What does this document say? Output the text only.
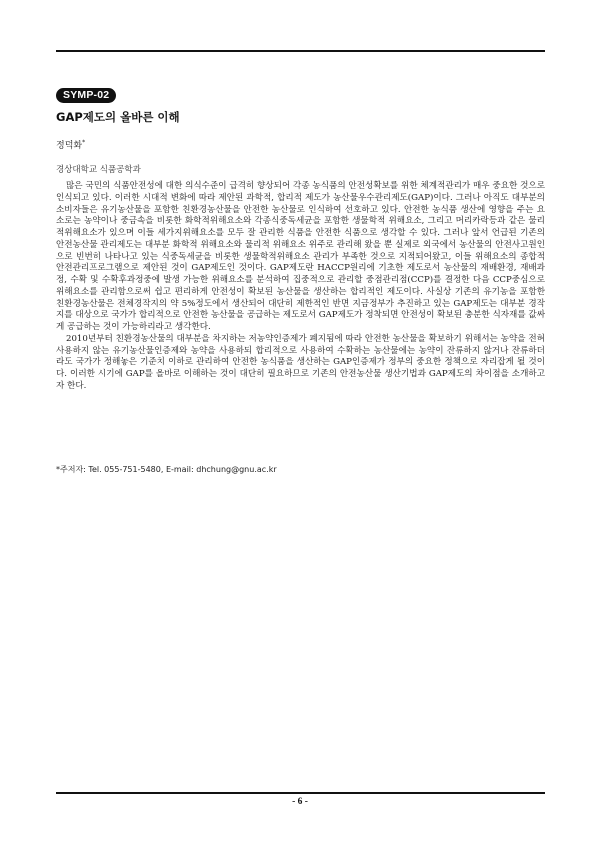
SYMP-02
GAP제도의 올바른 이해
정덕화*
경상대학교 식품공학과

많은 국민의 식품안전성에 대한 의식수준이 급격히 향상되어 각종 농식품의 안전성확보를 위한 체계적관리가 매우 중요한 것으로 인식되고 있다. 이러한 시대적 변화에 따라 제안된 과학적, 합리적 제도가 농산물우수관리제도(GAP)이다. 그러나 아직도 대부분의 소비자들은 유기농산물을 포함한 친환경농산물을 안전한 농산물로 인식하여 선호하고 있다. 안전한 농식품 생산에 영향을 주는 요소로는 농약이나 중금속을 비롯한 화학적위해요소와 각종식중독세균을 포함한 생물학적 위해요소, 그리고 머리카락등과 같은 물리적위해요소가 있으며 이들 세가지위해요소를 모두 잘 관리한 식품을 안전한 식품으로 생각할 수 있다. 그러나 앞서 언급된 기존의 안전농산물 관리제도는 대부분 화학적 위해요소와 물리적 위해요소 위주로 관리해 왔을 뿐 실제로 외국에서 농산물의 안전사고원인으로 빈번히 나타나고 있는 식중독세균을 비롯한 생물학적위해요소 관리가 부족한 것으로 지적되어왔고, 이들 위해요소의 종합적 안전관리프로그램으로 제안된 것이 GAP제도인 것이다. GAP제도란 HACCP원리에 기초한 제도로서 농산물의 재배환경, 재배과정, 수확 및 수확후과정중에 발생 가능한 위해요소를 분석하여 집중적으로 관리할 중점관리점(CCP)를 결정한 다음 CCP중심으로 위해요소를 관리함으로써 쉽고 편리하게 안전성이 확보된 농산물을 생산하는 합리적인 제도이다. 사실상 기존의 유기농을 포함한 친환경농산물은 전체경작지의 약 5%정도에서 생산되어 대단히 제한적인 반면 지금정부가 추진하고 있는 GAP제도는 대부분 경작지를 대상으로 국가가 합리적으로 안전한 농산물을 공급하는 제도로서 GAP제도가 정착되면 안전성이 확보된 충분한 식자재를 값싸게 공급하는 것이 가능하리라고 생각한다.

2010년부터 친환경농산물의 대부분을 차지하는 저농약인증제가 폐지됨에 따라 안전한 농산물을 확보하기 위해서는 농약을 전혀사용하지 않는 유기농산물인증제와 농약을 사용하되 합리적으로 사용하여 수확하는 농산물에는 농약이 잔류하지 않거나 잔류하더라도 국가가 정해놓은 기준치 이하로 관리하여 안전한 농식품을 생산하는 GAP인증제가 정부의 중요한 정책으로 자리잡게 될 것이다. 이러한 시기에 GAP를 올바로 이해하는 것이 대단히 필요하므로 기존의 안전농산물 생산기법과 GAP제도의 차이점을 소개하고자 한다.

*주저자: Tel. 055-751-5480, E-mail: dhchung@gnu.ac.kr
- 6 -
